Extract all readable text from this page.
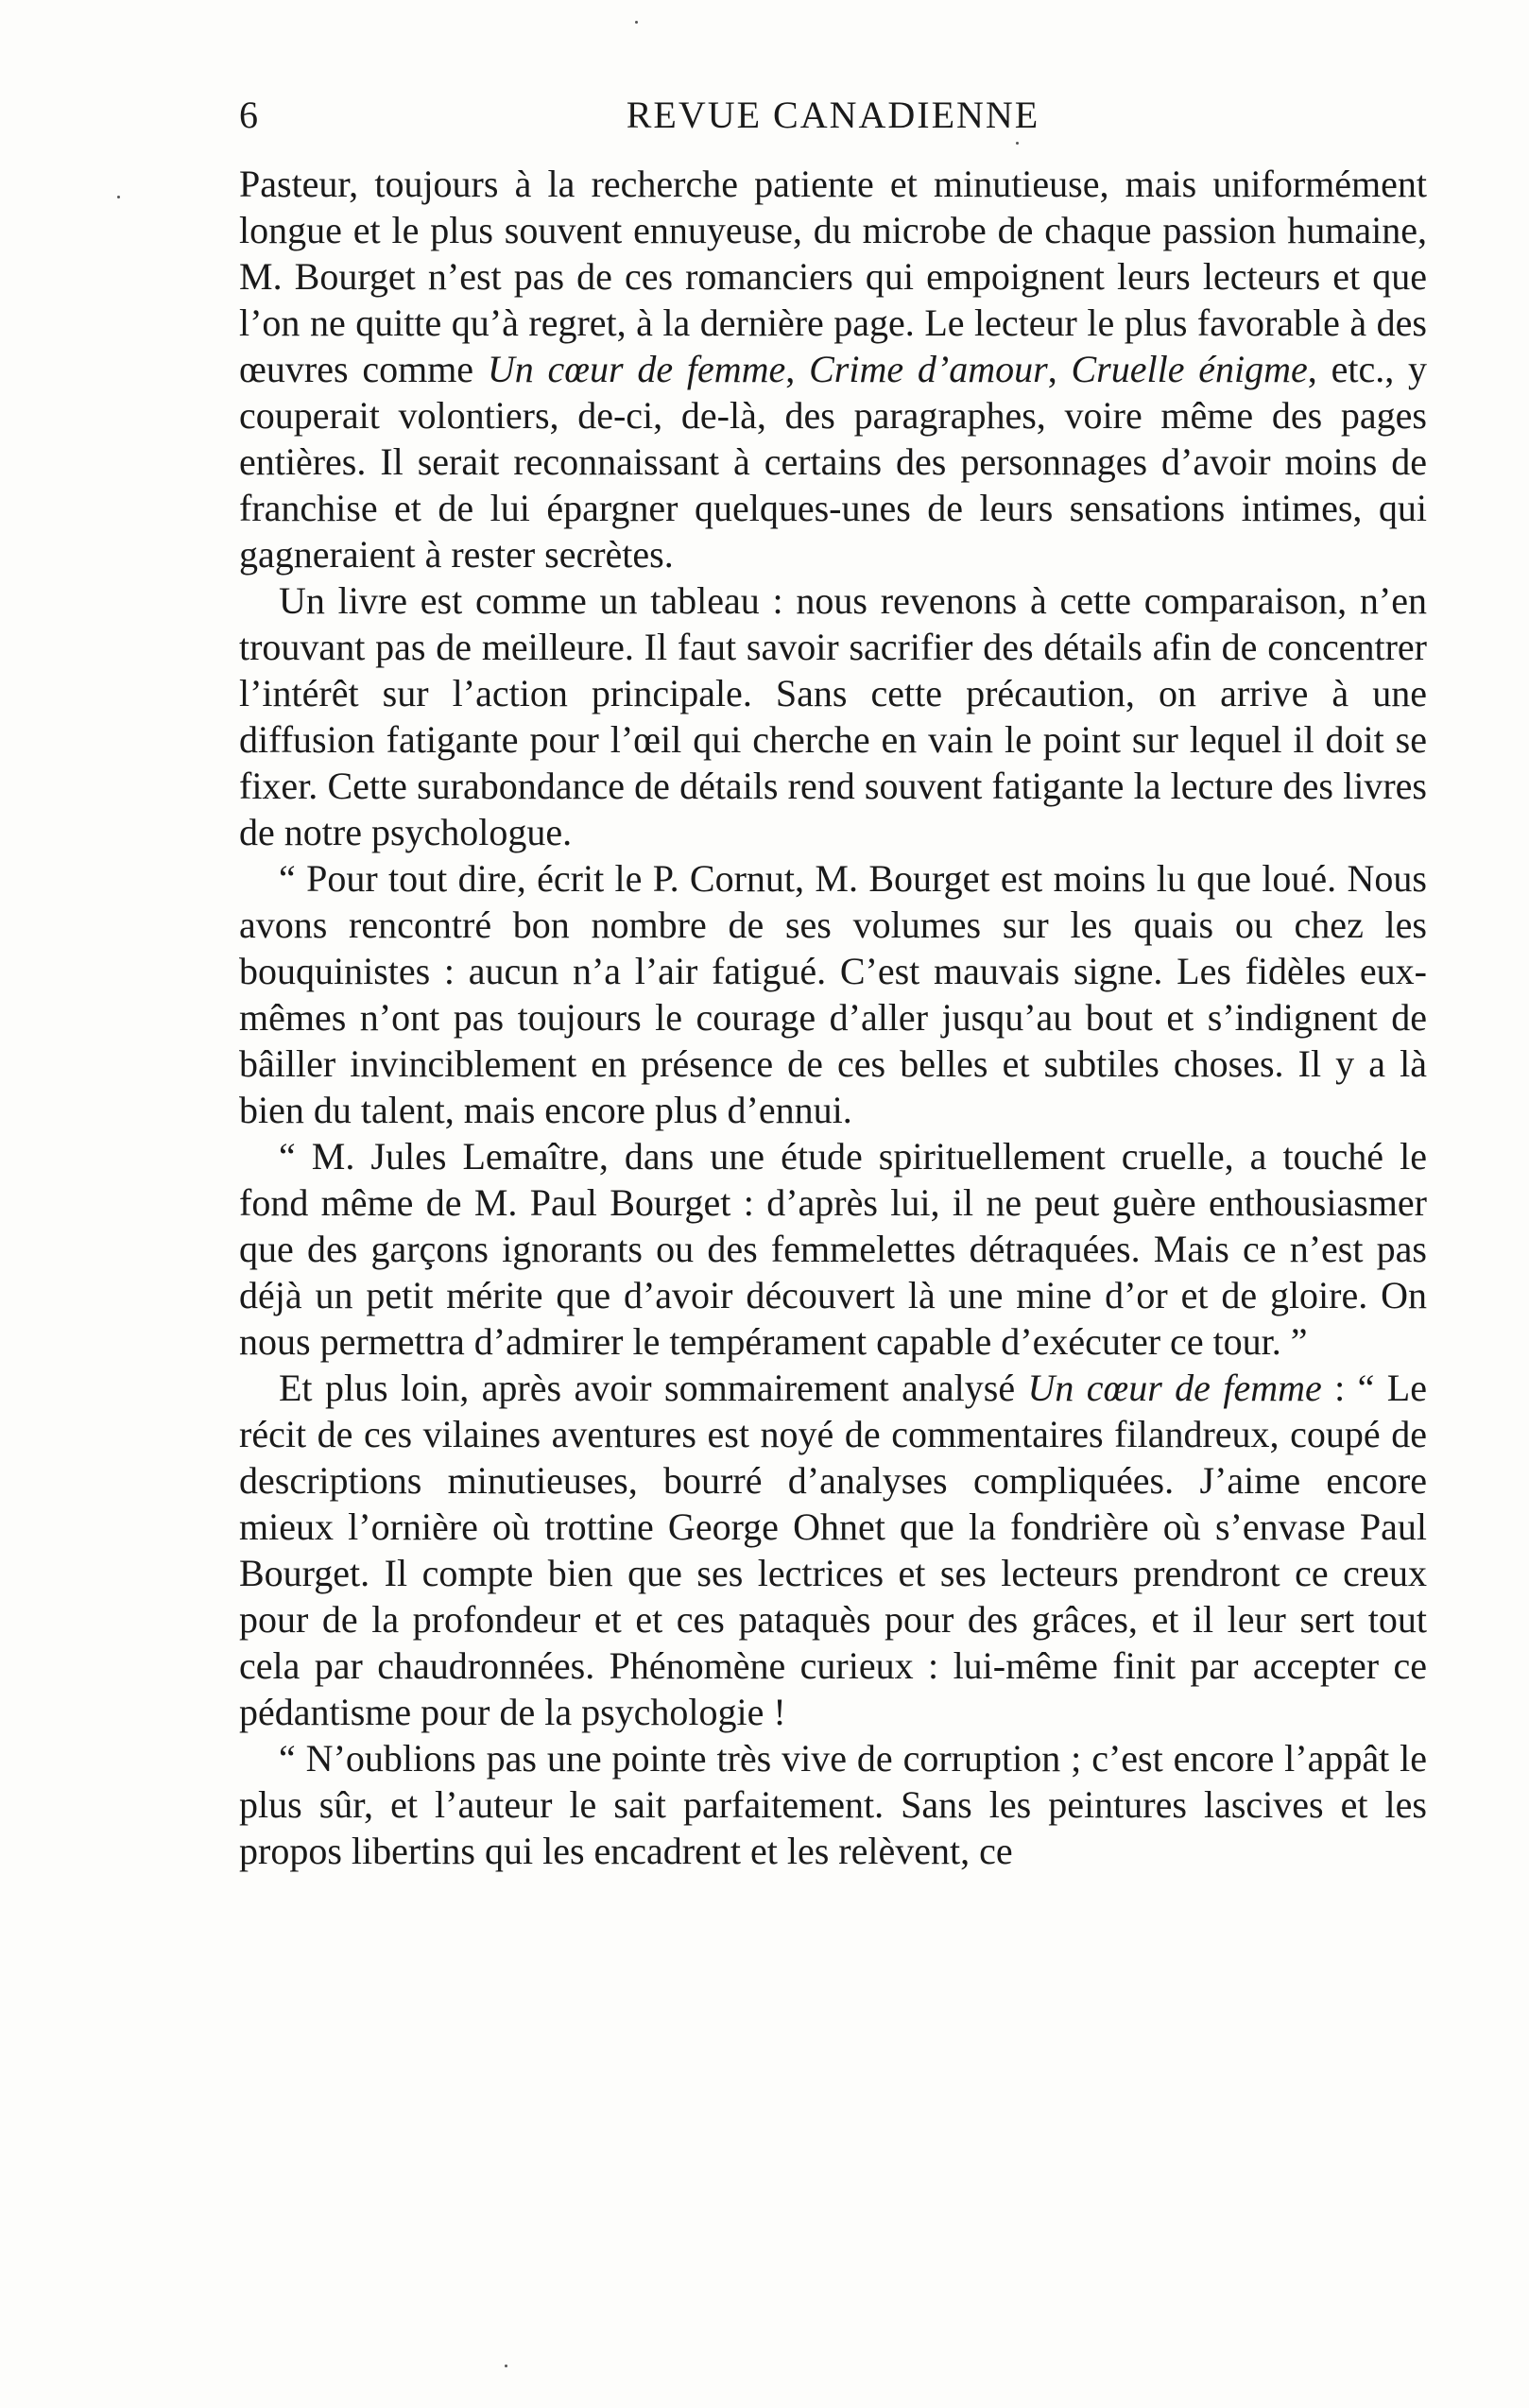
6	REVUE CANADIENNE

Pasteur, toujours à la recherche patiente et minutieuse, mais uniformément longue et le plus souvent ennuyeuse, du microbe de chaque passion humaine, M. Bourget n’est pas de ces romanciers qui empoignent leurs lecteurs et que l’on ne quitte qu’à regret, à la dernière page. Le lecteur le plus favorable à des œuvres comme Un cœur de femme, Crime d’amour, Cruelle énigme, etc., y couperait volontiers, de-ci, de-là, des paragraphes, voire même des pages entières. Il serait reconnaissant à certains des personnages d’avoir moins de franchise et de lui épargner quelques-unes de leurs sensations intimes, qui gagneraient à rester secrètes.

Un livre est comme un tableau : nous revenons à cette comparaison, n’en trouvant pas de meilleure. Il faut savoir sacrifier des détails afin de concentrer l’intérêt sur l’action principale. Sans cette précaution, on arrive à une diffusion fatigante pour l’œil qui cherche en vain le point sur lequel il doit se fixer. Cette surabondance de détails rend souvent fatigante la lecture des livres de notre psychologue.

“ Pour tout dire, écrit le P. Cornut, M. Bourget est moins lu que loué. Nous avons rencontré bon nombre de ses volumes sur les quais ou chez les bouquinistes : aucun n’a l’air fatigué. C’est mauvais signe. Les fidèles eux-mêmes n’ont pas toujours le courage d’aller jusqu’au bout et s’indignent de bâiller invinciblement en présence de ces belles et subtiles choses. Il y a là bien du talent, mais encore plus d’ennui.

“ M. Jules Lemaître, dans une étude spirituellement cruelle, a touché le fond même de M. Paul Bourget : d’après lui, il ne peut guère enthousiasmer que des garçons ignorants ou des femmelettes détraquées. Mais ce n’est pas déjà un petit mérite que d’avoir découvert là une mine d’or et de gloire. On nous permettra d’admirer le tempérament capable d’exécuter ce tour. ”

Et plus loin, après avoir sommairement analysé Un cœur de femme : “ Le récit de ces vilaines aventures est noyé de commentaires filandreux, coupé de descriptions minutieuses, bourré d’analyses compliquées. J’aime encore mieux l’ornière où trottine George Ohnet que la fondrière où s’envase Paul Bourget. Il compte bien que ses lectrices et ses lecteurs prendront ce creux pour de la profondeur et et ces pataquès pour des grâces, et il leur sert tout cela par chaudronnées. Phénomène curieux : lui-même finit par accepter ce pédantisme pour de la psychologie !

“ N’oublions pas une pointe très vive de corruption ; c’est encore l’appât le plus sûr, et l’auteur le sait parfaitement. Sans les peintures lascives et les propos libertins qui les encadrent et les relèvent, ce
